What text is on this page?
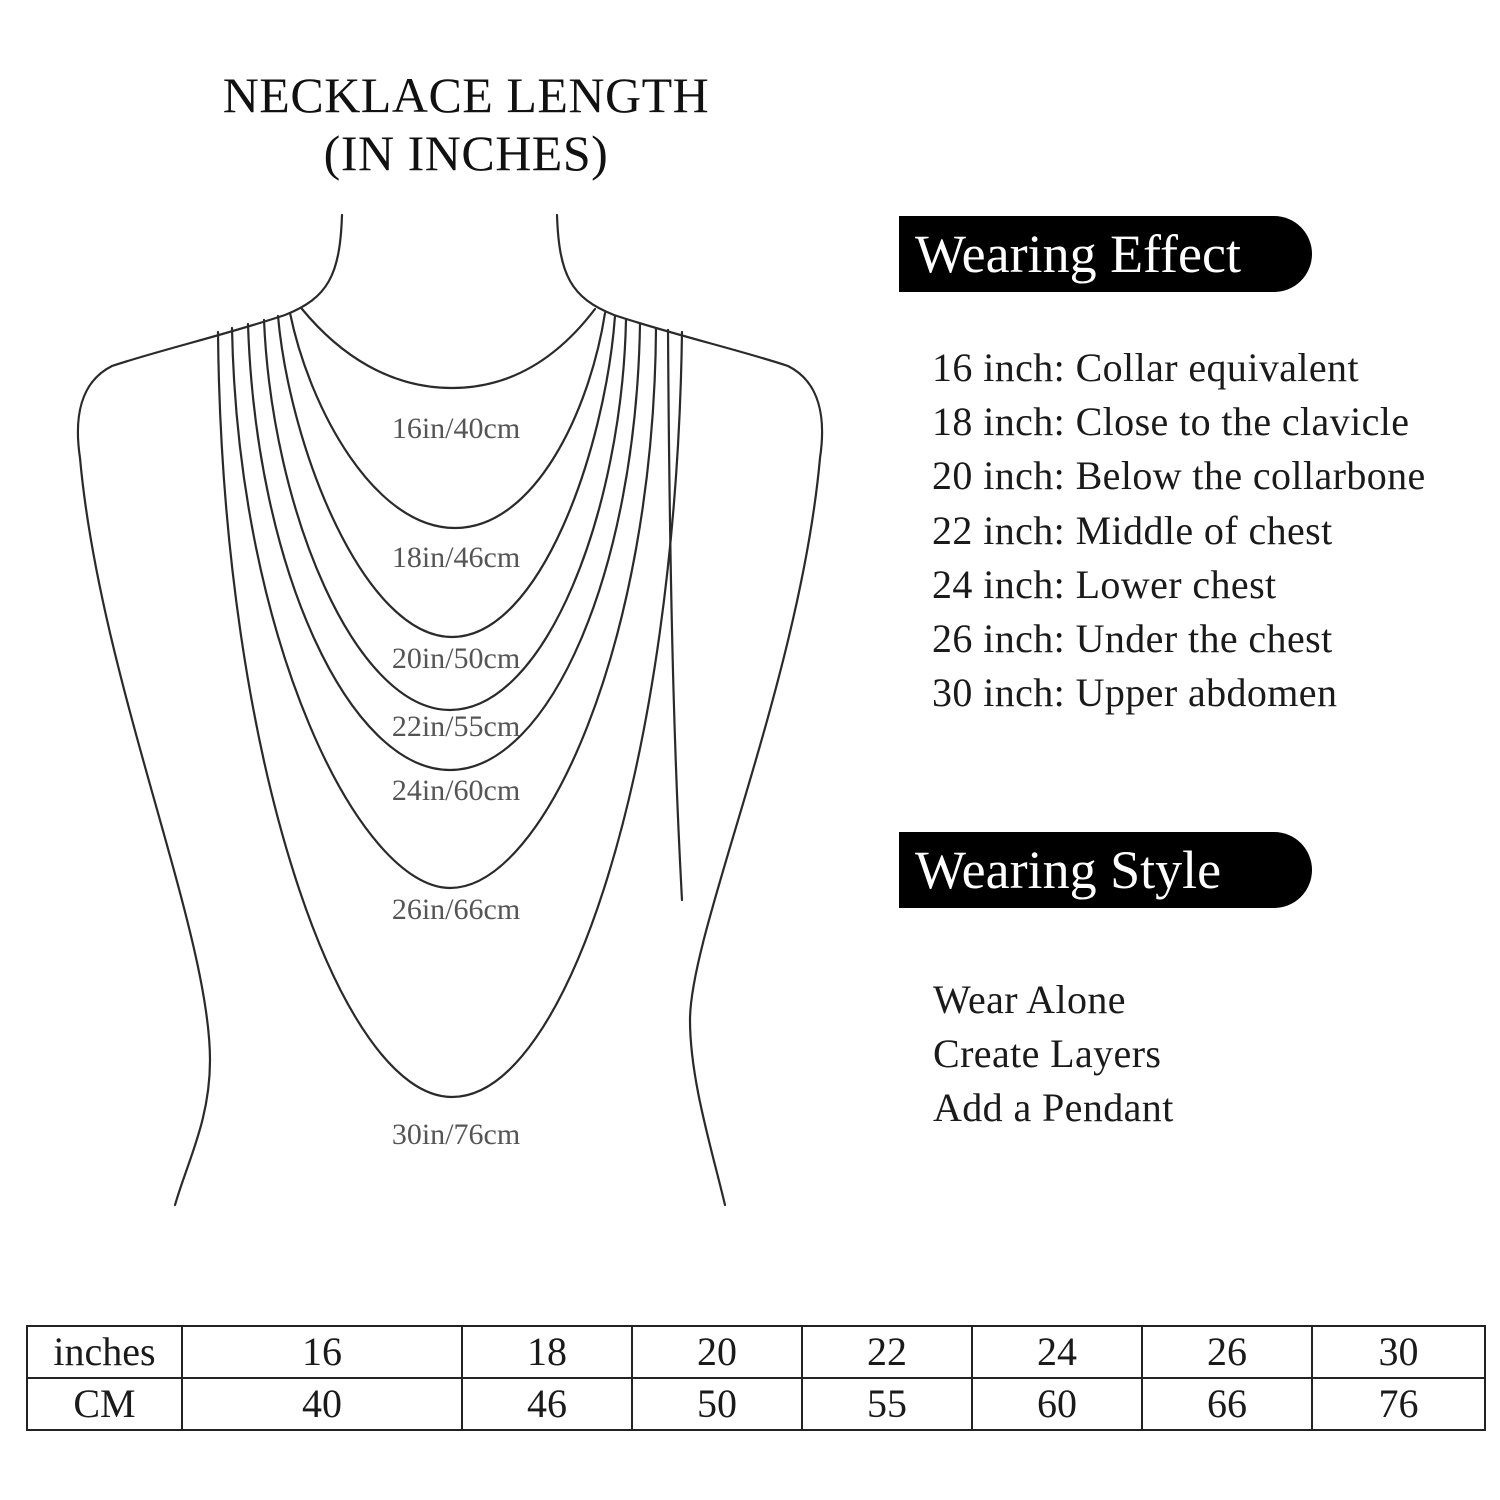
NECKLACE LENGTH
(IN INCHES)
16in/40cm
18in/46cm
20in/50cm
22in/55cm
24in/60cm
26in/66cm
30in/76cm
Wearing Effect
16 inch: Collar equivalent
18 inch: Close to the clavicle
20 inch: Below the collarbone
22 inch: Middle of chest
24 inch: Lower chest
26 inch: Under the chest
30 inch: Upper abdomen
Wearing Style
Wear Alone
Create Layers
Add a Pendant
inches	16	18	20	22	24	26	30
CM	40	46	50	55	60	66	76
